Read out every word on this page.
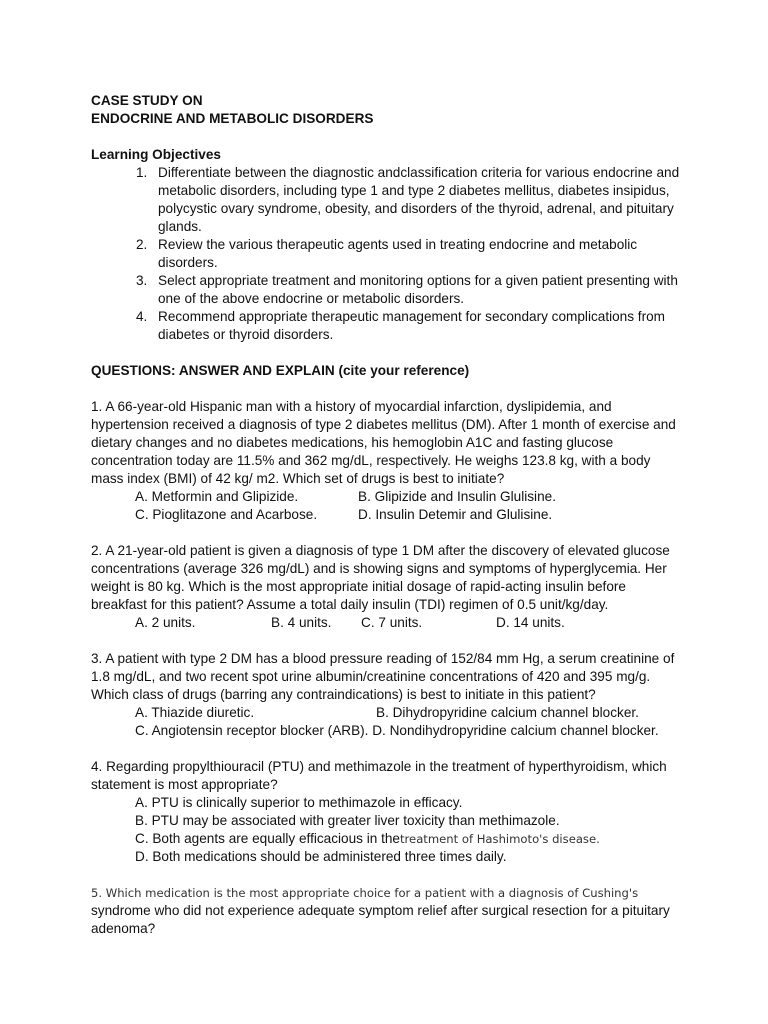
CASE STUDY ON

ENDOCRINE AND METABOLIC DISORDERS

Learning Objectives

1. Differentiate between the diagnostic andclassification criteria for various endocrine and metabolic disorders, including type 1 and type 2 diabetes mellitus, diabetes insipidus, polycystic ovary syndrome, obesity, and disorders of the thyroid, adrenal, and pituitary glands.
2. Review the various therapeutic agents used in treating endocrine and metabolic disorders.
3. Select appropriate treatment and monitoring options for a given patient presenting with one of the above endocrine or metabolic disorders.
4. Recommend appropriate therapeutic management for secondary complications from diabetes or thyroid disorders.

QUESTIONS: ANSWER AND EXPLAIN (cite your reference)

1. A 66-year-old Hispanic man with a history of myocardial infarction, dyslipidemia, and hypertension received a diagnosis of type 2 diabetes mellitus (DM). After 1 month of exercise and dietary changes and no diabetes medications, his hemoglobin A1C and fasting glucose concentration today are 11.5% and 362 mg/dL, respectively. He weighs 123.8 kg, with a body mass index (BMI) of 42 kg/ m2. Which set of drugs is best to initiate?

A. Metformin and Glipizide.	B. Glipizide and Insulin Glulisine.
C. Pioglitazone and Acarbose.	D. Insulin Detemir and Glulisine.

2. A 21-year-old patient is given a diagnosis of type 1 DM after the discovery of elevated glucose concentrations (average 326 mg/dL) and is showing signs and symptoms of hyperglycemia. Her weight is 80 kg. Which is the most appropriate initial dosage of rapid-acting insulin before breakfast for this patient? Assume a total daily insulin (TDI) regimen of 0.5 unit/kg/day.

A. 2 units.	B. 4 units.	C. 7 units.	D. 14 units.

3. A patient with type 2 DM has a blood pressure reading of 152/84 mm Hg, a serum creatinine of 1.8 mg/dL, and two recent spot urine albumin/creatinine concentrations of 420 and 395 mg/g. Which class of drugs (barring any contraindications) is best to initiate in this patient?

A. Thiazide diuretic.	B. Dihydropyridine calcium channel blocker.
C. Angiotensin receptor blocker (ARB). D. Nondihydropyridine calcium channel blocker.

4. Regarding propylthiouracil (PTU) and methimazole in the treatment of hyperthyroidism, which statement is most appropriate?

A. PTU is clinically superior to methimazole in efficacy.
B. PTU may be associated with greater liver toxicity than methimazole.
C. Both agents are equally efficacious in thetreatment of Hashimoto's disease.
D. Both medications should be administered three times daily.

5. Which medication is the most appropriate choice for a patient with a diagnosis of Cushing's syndrome who did not experience adequate symptom relief after surgical resection for a pituitary adenoma?
